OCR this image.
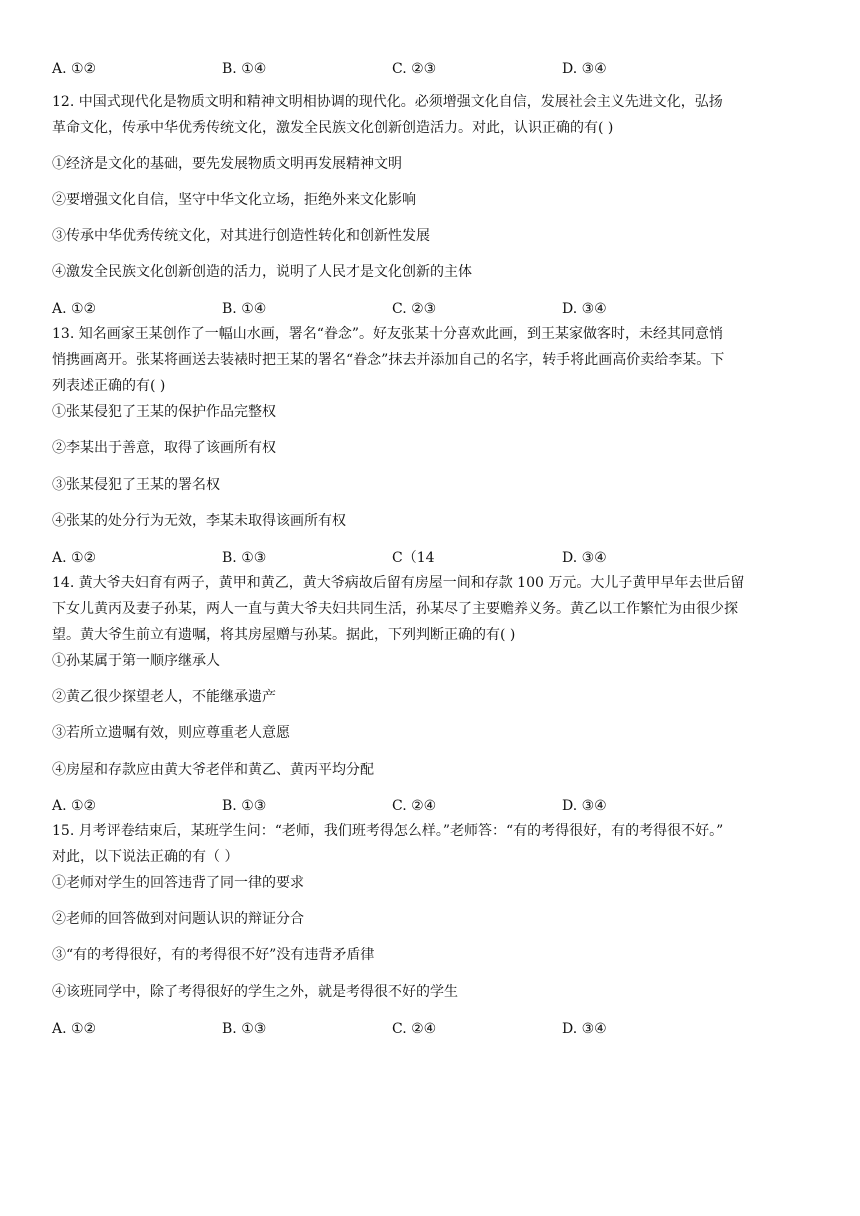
A. ①②	B. ①④	C. ②③	D. ③④
12. 中国式现代化是物质文明和精神文明相协调的现代化。必须增强文化自信，发展社会主义先进文化，弘扬
革命文化，传承中华优秀传统文化，激发全民族文化创新创造活力。对此，认识正确的有( )
①经济是文化的基础，要先发展物质文明再发展精神文明
②要增强文化自信，坚守中华文化立场，拒绝外来文化影响
③传承中华优秀传统文化，对其进行创造性转化和创新性发展
④激发全民族文化创新创造的活力，说明了人民才是文化创新的主体
A. ①②	B. ①④	C. ②③	D. ③④
13. 知名画家王某创作了一幅山水画，署名“眷念”。好友张某十分喜欢此画，到王某家做客时，未经其同意悄
悄携画离开。张某将画送去装裱时把王某的署名“眷念”抹去并添加自己的名字，转手将此画高价卖给李某。下
列表述正确的有( )
①张某侵犯了王某的保护作品完整权
②李某出于善意，取得了该画所有权
③张某侵犯了王某的署名权
④张某的处分行为无效，李某未取得该画所有权
A. ①②	B. ①③	C（14	D. ③④
14. 黄大爷夫妇育有两子，黄甲和黄乙，黄大爷病故后留有房屋一间和存款 100 万元。大儿子黄甲早年去世后留
下女儿黄丙及妻子孙某，两人一直与黄大爷夫妇共同生活，孙某尽了主要赡养义务。黄乙以工作繁忙为由很少探
望。黄大爷生前立有遗嘱，将其房屋赠与孙某。据此，下列判断正确的有( )
①孙某属于第一顺序继承人
②黄乙很少探望老人，不能继承遗产
③若所立遗嘱有效，则应尊重老人意愿
④房屋和存款应由黄大爷老伴和黄乙、黄丙平均分配
A. ①②	B. ①③	C. ②④	D. ③④
15. 月考评卷结束后，某班学生问：“老师，我们班考得怎么样。”老师答：“有的考得很好，有的考得很不好。”
对此，以下说法正确的有（ ）
①老师对学生的回答违背了同一律的要求
②老师的回答做到对问题认识的辩证分合
③“有的考得很好，有的考得很不好”没有违背矛盾律
④该班同学中，除了考得很好的学生之外，就是考得很不好的学生
A. ①②	B. ①③	C. ②④	D. ③④
